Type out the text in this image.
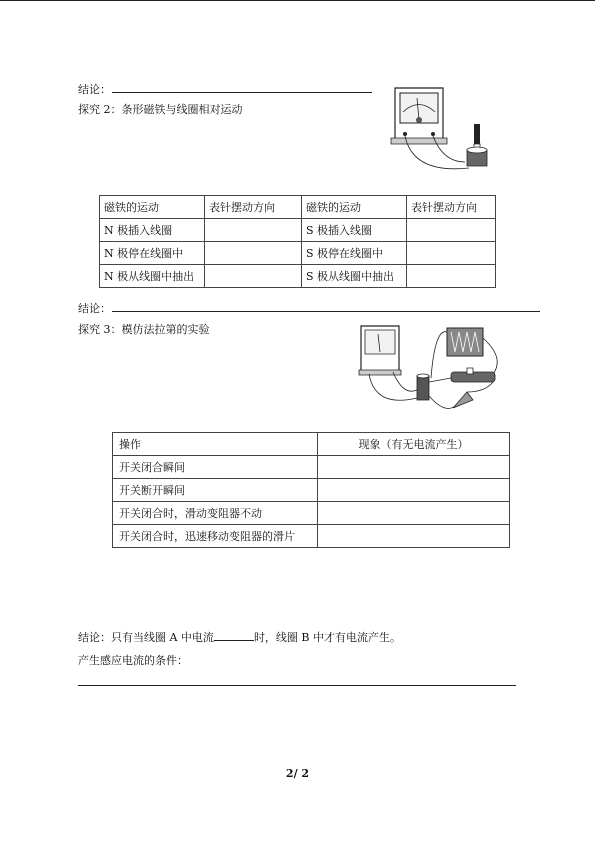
结论：
探究 2：条形磁铁与线圈相对运动
磁铁的运动	表针摆动方向	磁铁的运动	表针摆动方向
N 极插入线圈		S 极插入线圈	
N 极停在线圈中		S 极停在线圈中	
N 极从线圈中抽出		S 极从线圈中抽出	
结论：
探究 3：模仿法拉第的实验
操作	现象（有无电流产生）
开关闭合瞬间	
开关断开瞬间	
开关闭合时，滑动变阻器不动	
开关闭合时，迅速移动变阻器的滑片	
结论：只有当线圈 A 中电流	时，线圈 B 中才有电流产生。
产生感应电流的条件：
2/ 2
